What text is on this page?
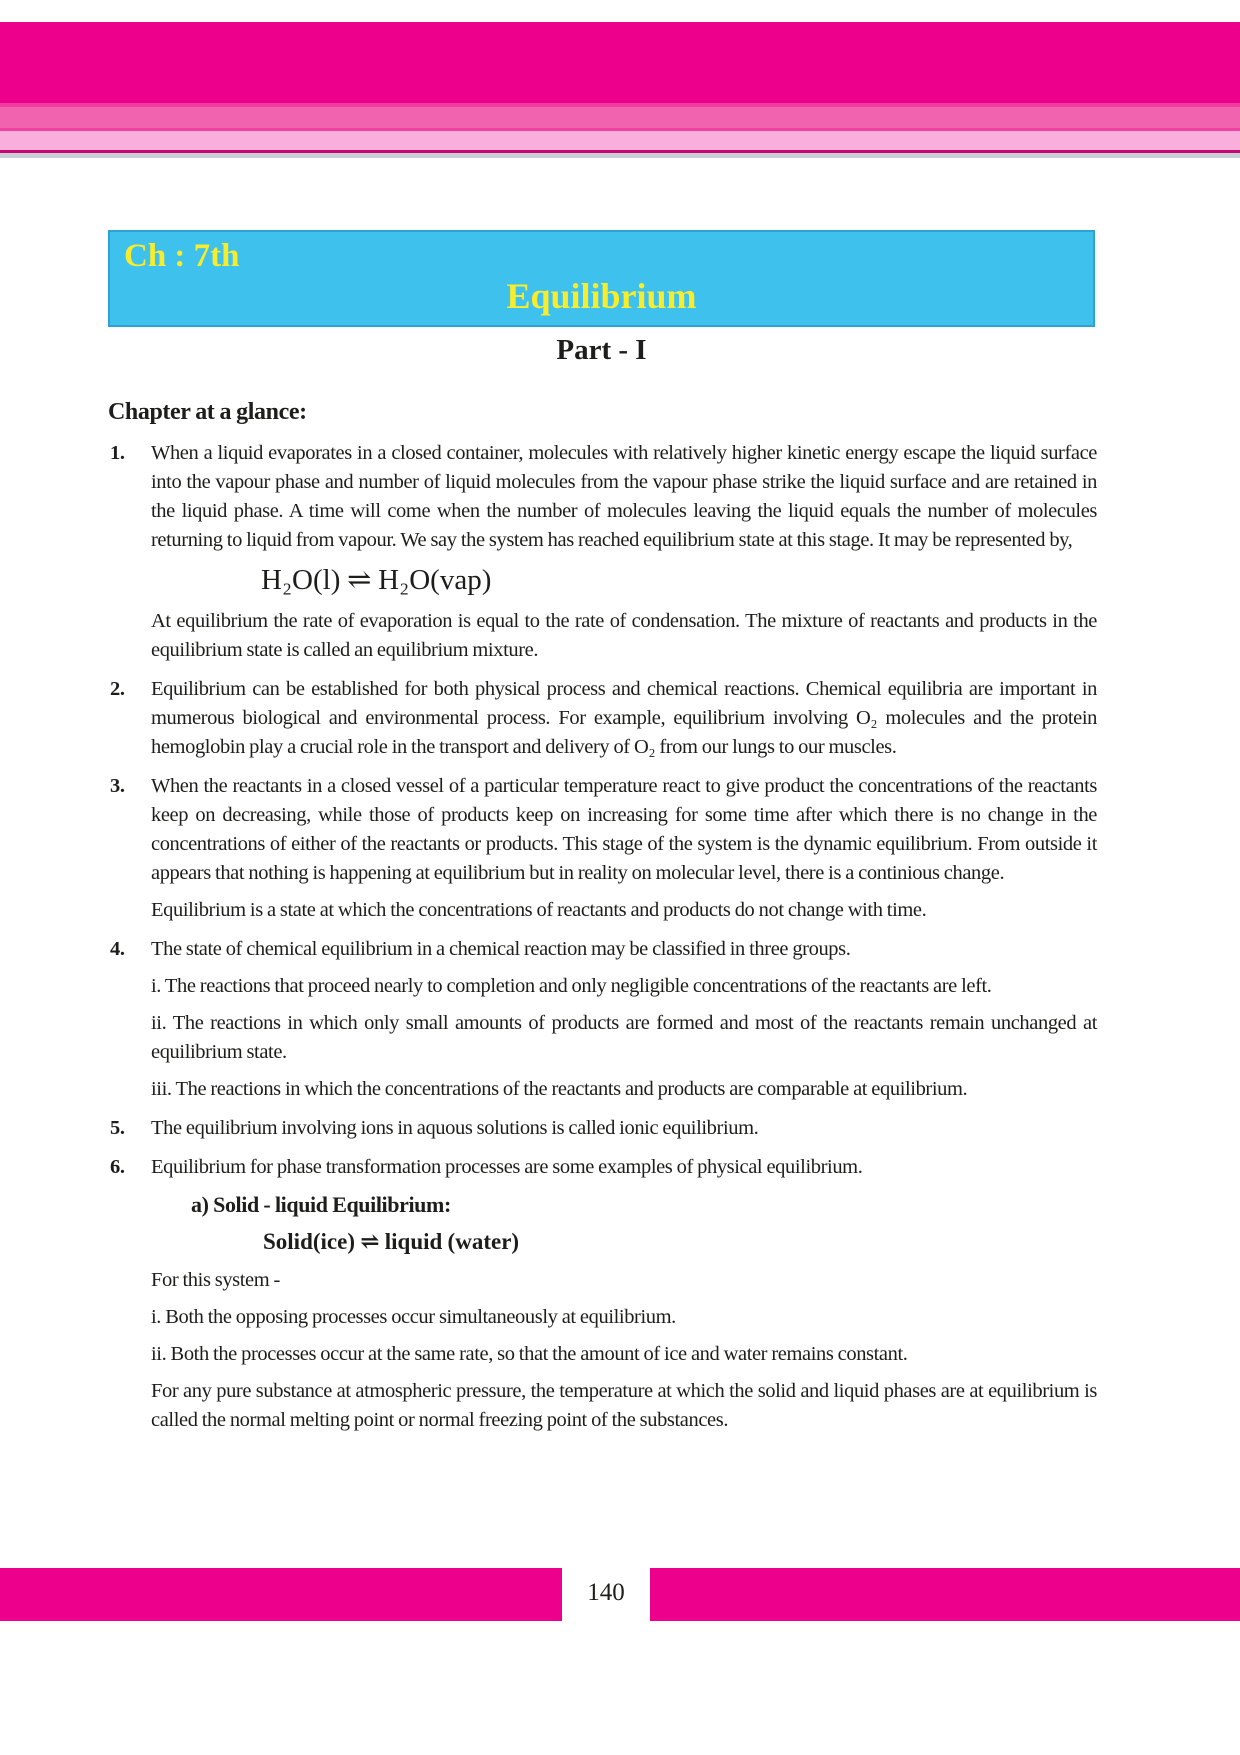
Ch : 7th
Equilibrium
Part - I
Chapter at a glance:
1. When a liquid evaporates in a closed container, molecules with relatively higher kinetic energy escape the liquid surface into the vapour phase and number of liquid molecules from the vapour phase strike the liquid surface and are retained in the liquid phase. A time will come when the number of molecules leaving the liquid equals the number of molecules returning to liquid from vapour. We say the system has reached equilibrium state at this stage. It may be represented by,

H₂O(l) ⇌ H₂O(vap)

At equilibrium the rate of evaporation is equal to the rate of condensation. The mixture of reactants and products in the equilibrium state is called an equilibrium mixture.

2. Equilibrium can be established for both physical process and chemical reactions. Chemical equilibria are important in mumerous biological and environmental process. For example, equilibrium involving O₂ molecules and the protein hemoglobin play a crucial role in the transport and delivery of O₂ from our lungs to our muscles.

3. When the reactants in a closed vessel of a particular temperature react to give product the concentrations of the reactants keep on decreasing, while those of products keep on increasing for some time after which there is no change in the concentrations of either of the reactants or products. This stage of the system is the dynamic equilibrium. From outside it appears that nothing is happening at equilibrium but in reality on molecular level, there is a continious change.

Equilibrium is a state at which the concentrations of reactants and products do not change with time.

4. The state of chemical equilibrium in a chemical reaction may be classified in three groups.

i. The reactions that proceed nearly to completion and only negligible concentrations of the reactants are left.

ii. The reactions in which only small amounts of products are formed and most of the reactants remain unchanged at equilibrium state.

iii. The reactions in which the concentrations of the reactants and products are comparable at equilibrium.

5. The equilibrium involving ions in aquous solutions is called ionic equilibrium.

6. Equilibrium for phase transformation processes are some examples of physical equilibrium.

a) Solid - liquid Equilibrium:
Solid(ice) ⇌ liquid (water)

For this system -

i. Both the opposing processes occur simultaneously at equilibrium.

ii. Both the processes occur at the same rate, so that the amount of ice and water remains constant.

For any pure substance at atmospheric pressure, the temperature at which the solid and liquid phases are at equilibrium is called the normal melting point or normal freezing point of the substances.

140
